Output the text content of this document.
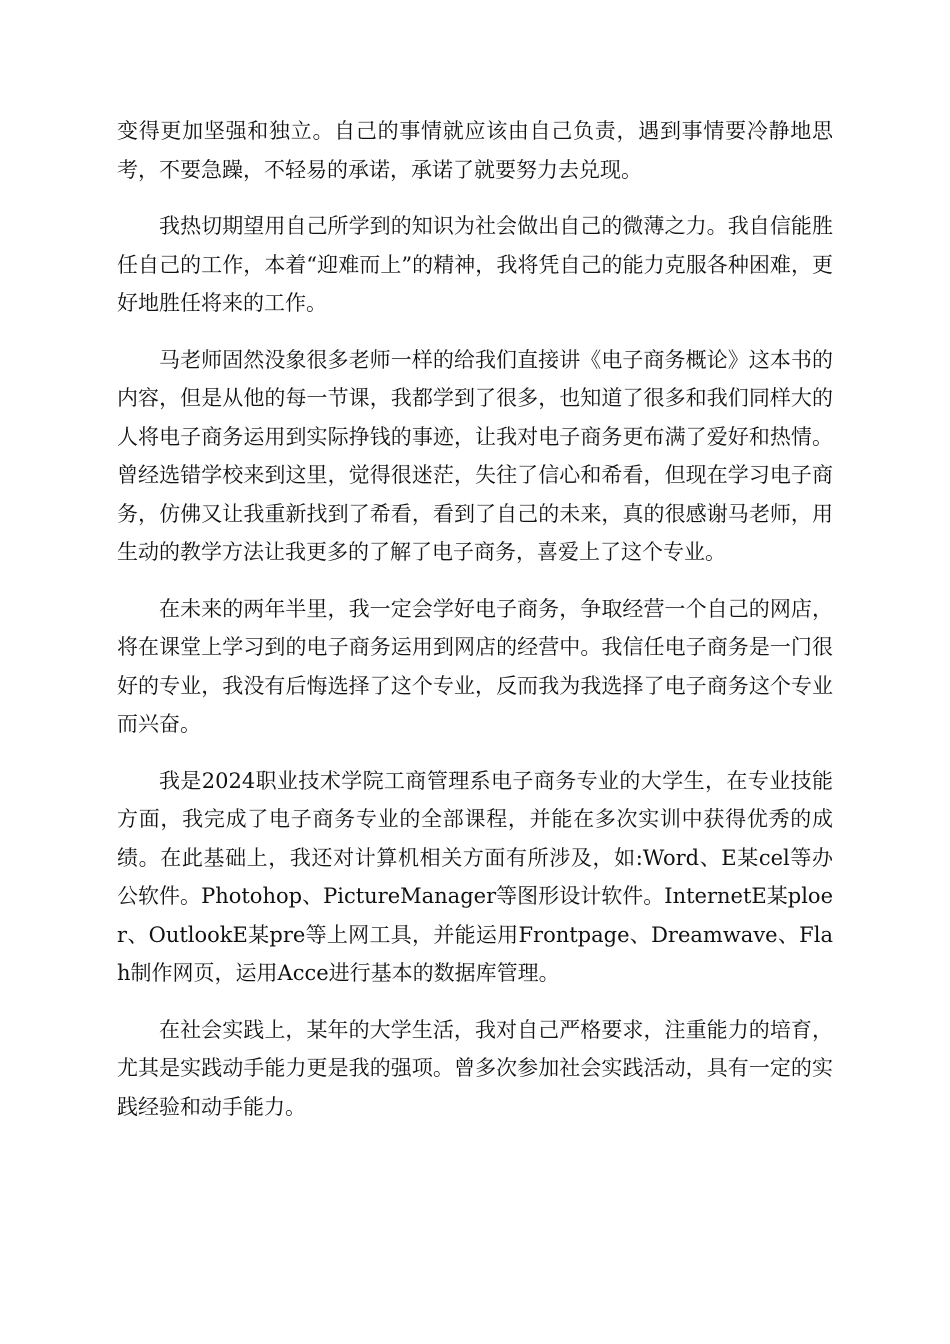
变得更加坚强和独立。自己的事情就应该由自己负责，遇到事情要冷静地思考，不要急躁，不轻易的承诺，承诺了就要努力去兑现。

我热切期望用自己所学到的知识为社会做出自己的微薄之力。我自信能胜任自己的工作，本着“迎难而上”的精神，我将凭自己的能力克服各种困难，更好地胜任将来的工作。

马老师固然没象很多老师一样的给我们直接讲《电子商务概论》这本书的内容，但是从他的每一节课，我都学到了很多，也知道了很多和我们同样大的人将电子商务运用到实际挣钱的事迹，让我对电子商务更布满了爱好和热情。曾经选错学校来到这里，觉得很迷茫，失往了信心和希看，但现在学习电子商务，仿佛又让我重新找到了希看，看到了自己的未来，真的很感谢马老师，用生动的教学方法让我更多的了解了电子商务，喜爱上了这个专业。

在未来的两年半里，我一定会学好电子商务，争取经营一个自己的网店，将在课堂上学习到的电子商务运用到网店的经营中。我信任电子商务是一门很好的专业，我没有后悔选择了这个专业，反而我为我选择了电子商务这个专业而兴奋。

我是2024职业技术学院工商管理系电子商务专业的大学生，在专业技能方面，我完成了电子商务专业的全部课程，并能在多次实训中获得优秀的成绩。在此基础上，我还对计算机相关方面有所涉及，如:Word、E某cel等办公软件。Photohop、PictureManager等图形设计软件。InternetE某ploer、OutlookE某pre等上网工具，并能运用Frontpage、Dreamwave、Flah制作网页，运用Acce进行基本的数据库管理。

在社会实践上，某年的大学生活，我对自己严格要求，注重能力的培育，尤其是实践动手能力更是我的强项。曾多次参加社会实践活动，具有一定的实践经验和动手能力。
